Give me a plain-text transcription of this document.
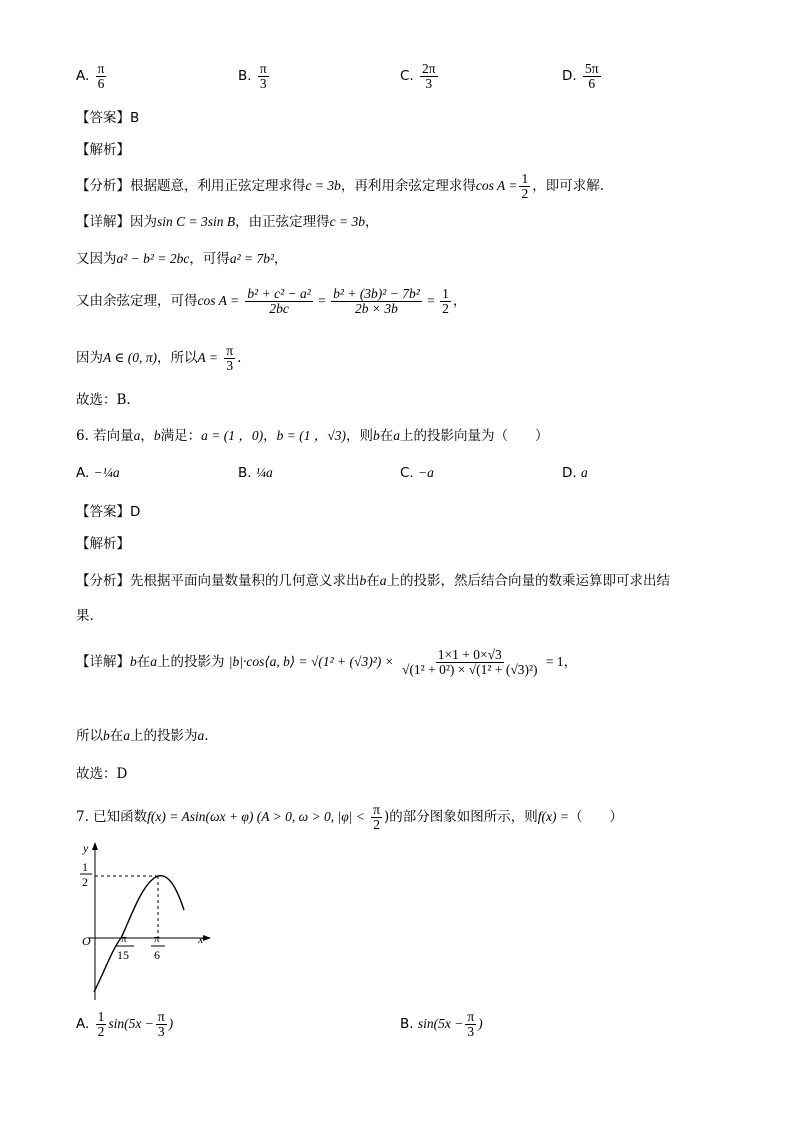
A. $\frac{\pi}{6}$	B. $\frac{\pi}{3}$	C. $\frac{2\pi}{3}$	D. $\frac{5\pi}{6}$
【答案】B
【解析】
【分析】根据题意，利用正弦定理求得c = 3b，再利用余弦定理求得$\cos A = \frac{1}{2}$ ，即可求解.
【详解】因为sin C = 3sin B，由正弦定理得c = 3b，
又因为a² − b² = 2bc，可得a² = 7b²，
又由余弦定理，可得$\cos A = \frac{\text{b² + c² − a²}}{2bc} = \frac{\text{b² + (3b)² − 7b²}}{2b \times 3b} = \frac{1}{2}$ ，
因为A ∈ (0, π)，所以$A = \frac{\pi}{3}$ .
故选：B.
6. 若向量a，b满足：a = (1 ，0)，b = (1 ，√3)，则b在a上的投影向量为（　　）
A. −¼a	B. ¼a	C. −a	D. a
【答案】D
【解析】
【分析】先根据平面向量数量积的几何意义求出b在a上的投影，然后结合向量的数乘运算即可求出结
果.
【详解】b在a上的投影为 |b|·cos⟨a, b⟩ = $√(1^2 + (√3)^2) \times \frac{1\times 1 + 0\times√3}{\text{√(1² + 0²) × √(1² + (√3)²)}} = 1$，
所以b在a上的投影为a.
故选：D
7. 已知函数f(x) = Asin(ωx + φ) (A > 0, ω > 0, $|\varphi| < \frac{\pi}{2}$ )的部分图象如图所示，则f(x) =（　　）
y
x
O
1
2
π
15
π
6
A. $\frac{1}{2} \sin(5x - \frac{\pi}{3}$ )	B. $\sin(5x - \frac{\pi}{3}$ )
